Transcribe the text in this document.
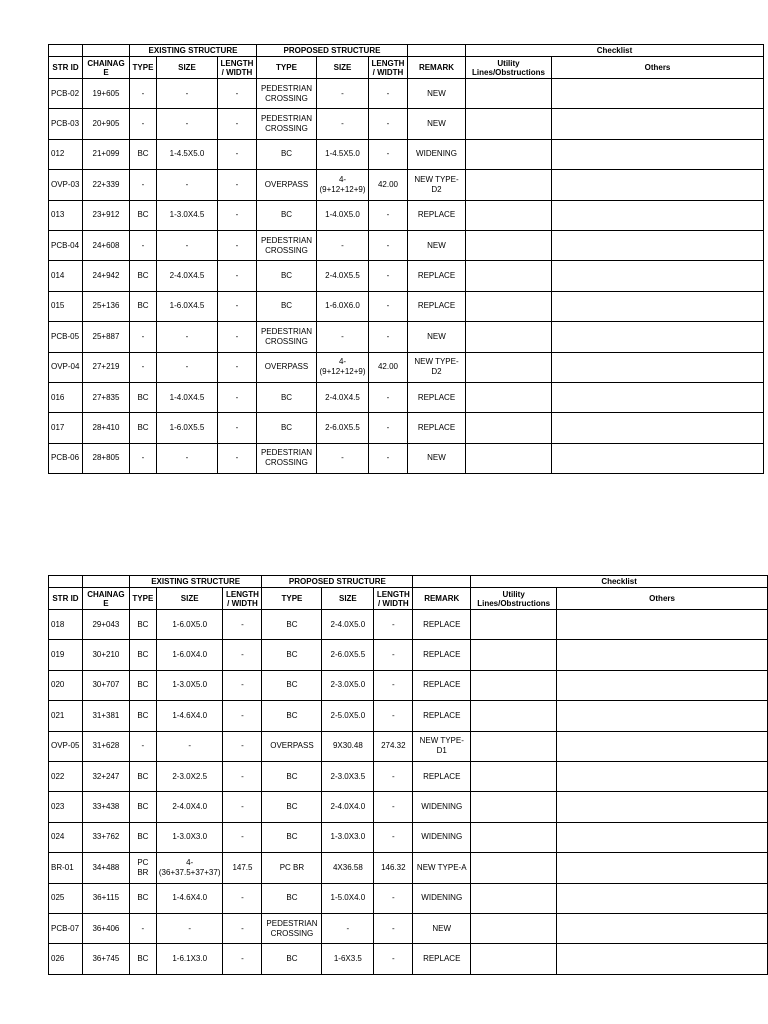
		EXISTING STRUCTURE			PROPOSED STRUCTURE				Checklist	
STR ID	CHAINAG E	TYPE	SIZE	LENGTH / WIDTH	TYPE	SIZE	LENGTH / WIDTH	REMARK	Utility Lines/Obstructions	Others
PCB-02	19+605	-	-	-	PEDESTRIAN CROSSING	-	-	NEW		
PCB-03	20+905	-	-	-	PEDESTRIAN CROSSING	-	-	NEW		
012	21+099	BC	1-4.5X5.0	-	BC	1-4.5X5.0	-	WIDENING		
OVP-03	22+339	-	-	-	OVERPASS	4-(9+12+12+9)	42.00	NEW TYPE-D2		
013	23+912	BC	1-3.0X4.5	-	BC	1-4.0X5.0	-	REPLACE		
PCB-04	24+608	-	-	-	PEDESTRIAN CROSSING	-	-	NEW		
014	24+942	BC	2-4.0X4.5	-	BC	2-4.0X5.5	-	REPLACE		
015	25+136	BC	1-6.0X4.5	-	BC	1-6.0X6.0	-	REPLACE		
PCB-05	25+887	-	-	-	PEDESTRIAN CROSSING	-	-	NEW		
OVP-04	27+219	-	-	-	OVERPASS	4-(9+12+12+9)	42.00	NEW TYPE-D2		
016	27+835	BC	1-4.0X4.5	-	BC	2-4.0X4.5	-	REPLACE		
017	28+410	BC	1-6.0X5.5	-	BC	2-6.0X5.5	-	REPLACE		
PCB-06	28+805	-	-	-	PEDESTRIAN CROSSING	-	-	NEW		
		EXISTING STRUCTURE			PROPOSED STRUCTURE				Checklist	
STR ID	CHAINAG E	TYPE	SIZE	LENGTH / WIDTH	TYPE	SIZE	LENGTH / WIDTH	REMARK	Utility Lines/Obstructions	Others
018	29+043	BC	1-6.0X5.0	-	BC	2-4.0X5.0	-	REPLACE		
019	30+210	BC	1-6.0X4.0	-	BC	2-6.0X5.5	-	REPLACE		
020	30+707	BC	1-3.0X5.0	-	BC	2-3.0X5.0	-	REPLACE		
021	31+381	BC	1-4.6X4.0	-	BC	2-5.0X5.0	-	REPLACE		
OVP-05	31+628	-	-	-	OVERPASS	9X30.48	274.32	NEW TYPE-D1		
022	32+247	BC	2-3.0X2.5	-	BC	2-3.0X3.5	-	REPLACE		
023	33+438	BC	2-4.0X4.0	-	BC	2-4.0X4.0	-	WIDENING		
024	33+762	BC	1-3.0X3.0	-	BC	1-3.0X3.0	-	WIDENING		
BR-01	34+488	PC BR	4-(36+37.5+37+37)	147.5	PC BR	4X36.58	146.32	NEW TYPE-A		
025	36+115	BC	1-4.6X4.0	-	BC	1-5.0X4.0	-	WIDENING		
PCB-07	36+406	-	-	-	PEDESTRIAN CROSSING	-	-	NEW		
026	36+745	BC	1-6.1X3.0	-	BC	1-6X3.5	-	REPLACE		
